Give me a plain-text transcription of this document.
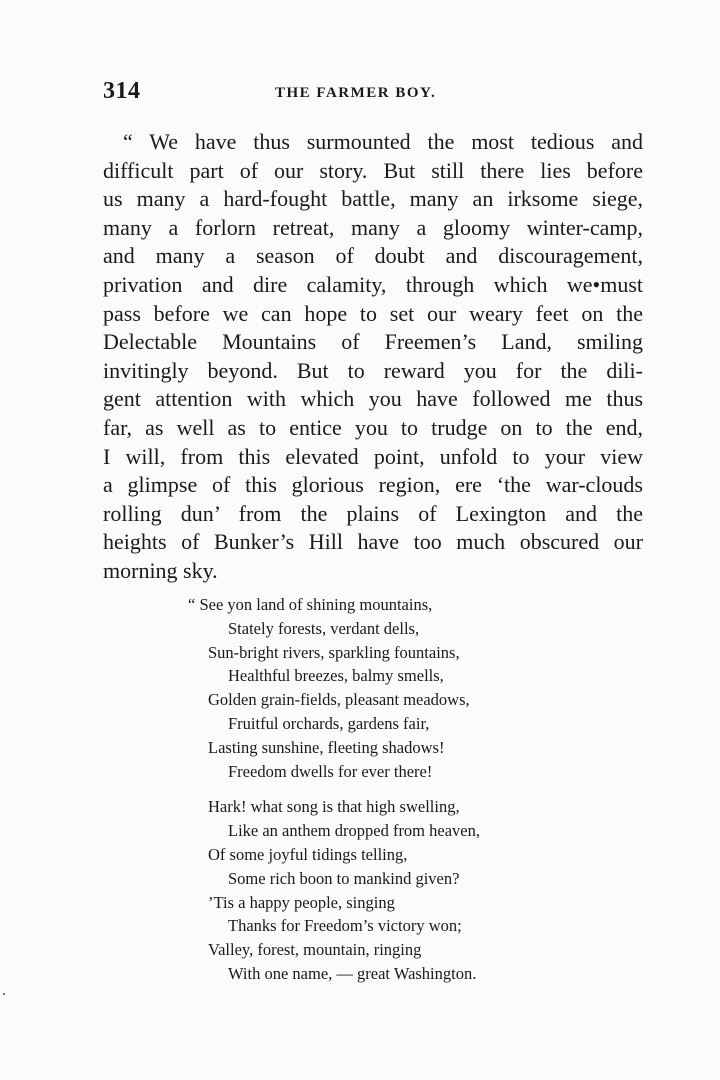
314	THE FARMER BOY.
“ We have thus surmounted the most tedious and
difficult part of our story. But still there lies before
us many a hard-fought battle, many an irksome siege,
many a forlorn retreat, many a gloomy winter-camp,
and many a season of doubt and discouragement,
privation and dire calamity, through which we•must
pass before we can hope to set our weary feet on the
Delectable Mountains of Freemen’s Land, smiling
invitingly beyond. But to reward you for the dili-
gent attention with which you have followed me thus
far, as well as to entice you to trudge on to the end,
I will, from this elevated point, unfold to your view
a glimpse of this glorious region, ere ‘the war-clouds
rolling dun’ from the plains of Lexington and the
heights of Bunker’s Hill have too much obscured our
morning sky.
“ See yon land of shining mountains,
Stately forests, verdant dells,
Sun-bright rivers, sparkling fountains,
Healthful breezes, balmy smells,
Golden grain-fields, pleasant meadows,
Fruitful orchards, gardens fair,
Lasting sunshine, fleeting shadows!
Freedom dwells for ever there!
Hark! what song is that high swelling,
Like an anthem dropped from heaven,
Of some joyful tidings telling,
Some rich boon to mankind given?
’Tis a happy people, singing
Thanks for Freedom’s victory won;
Valley, forest, mountain, ringing
With one name, — great Washington.
